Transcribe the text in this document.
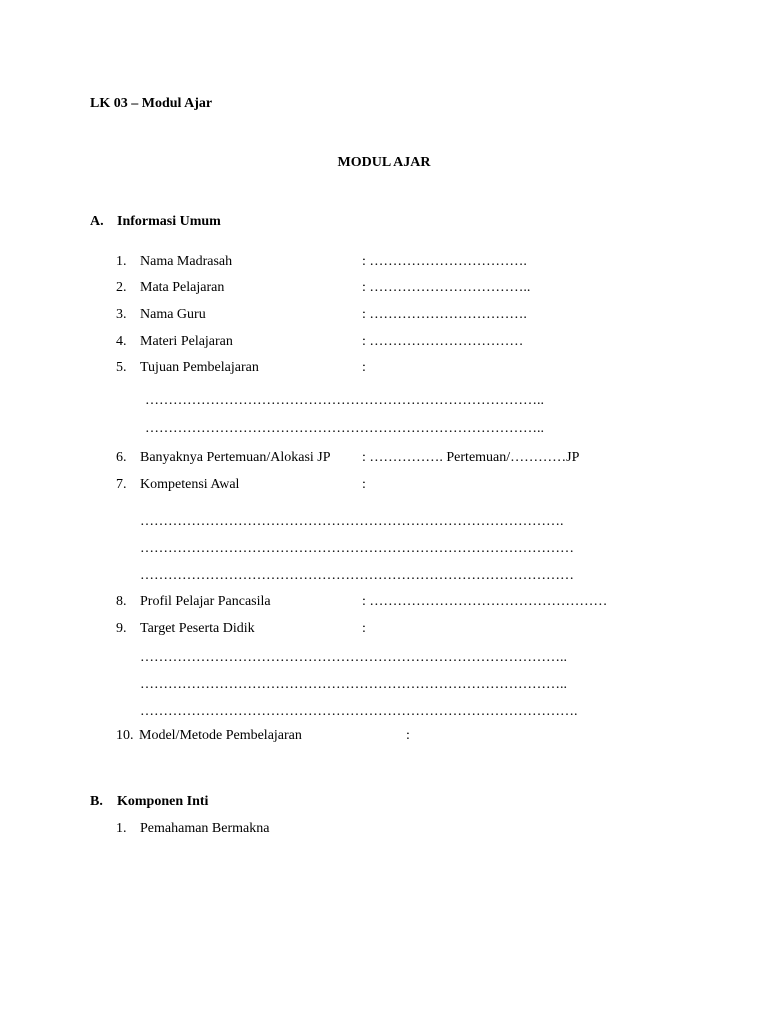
LK 03 – Modul Ajar
MODUL AJAR
A. Informasi Umum
1. Nama Madrasah	: …………………………….
2. Mata Pelajaran	: ……………………………..
3. Nama Guru	: …………………………….
4. Materi Pelajaran	: ……………………………
5. Tujuan Pembelajaran	:
…………………………………………………………………………..
…………………………………………………………………………..
6. Banyaknya Pertemuan/Alokasi JP : ……………. Pertemuan/…………JP
7. Kompetensi Awal	:
……………………………………………………………………………….
…………………………………………………………………………………
…………………………………………………………………………………
8. Profil Pelajar Pancasila	: ……………………………………………
9. Target Peserta Didik	:
………………………………………………………………………………..
………………………………………………………………………………..
………………………………………………………………………………….
10. Model/Metode Pembelajaran	:
B. Komponen Inti
1. Pemahaman Bermakna
